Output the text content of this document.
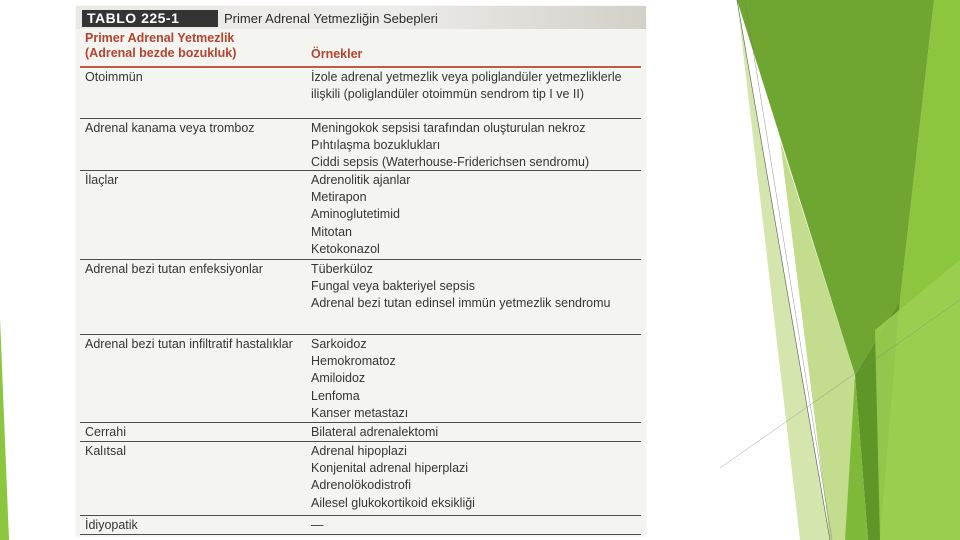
TABLO 225-1	Primer Adrenal Yetmezliğin Sebepleri
Primer Adrenal Yetmezlik (Adrenal bezde bozukluk)	Örnekler
Otoimmün	İzole adrenal yetmezlik veya poliglandüler yetmezliklerle ilişkili (poliglandüler otoimmün sendrom tip I ve II)
Adrenal kanama veya tromboz	Meningokok sepsisi tarafından oluşturulan nekroz
Pıhtılaşma bozuklukları
Ciddi sepsis (Waterhouse-Friderichsen sendromu)
İlaçlar	Adrenolitik ajanlar
Metirapon
Aminoglutetimid
Mitotan
Ketokonazol
Adrenal bezi tutan enfeksiyonlar	Tüberküloz
Fungal veya bakteriyel sepsis
Adrenal bezi tutan edinsel immün yetmezlik sendromu
Adrenal bezi tutan infiltratif hastalıklar	Sarkoidoz
Hemokromatoz
Amiloidoz
Lenfoma
Kanser metastazı
Cerrahi	Bilateral adrenalektomi
Kalıtsal	Adrenal hipoplazi
Konjenital adrenal hiperplazi
Adrenolökodistrofi
Ailesel glukokortikoid eksikliği
İdiyopatik	—
